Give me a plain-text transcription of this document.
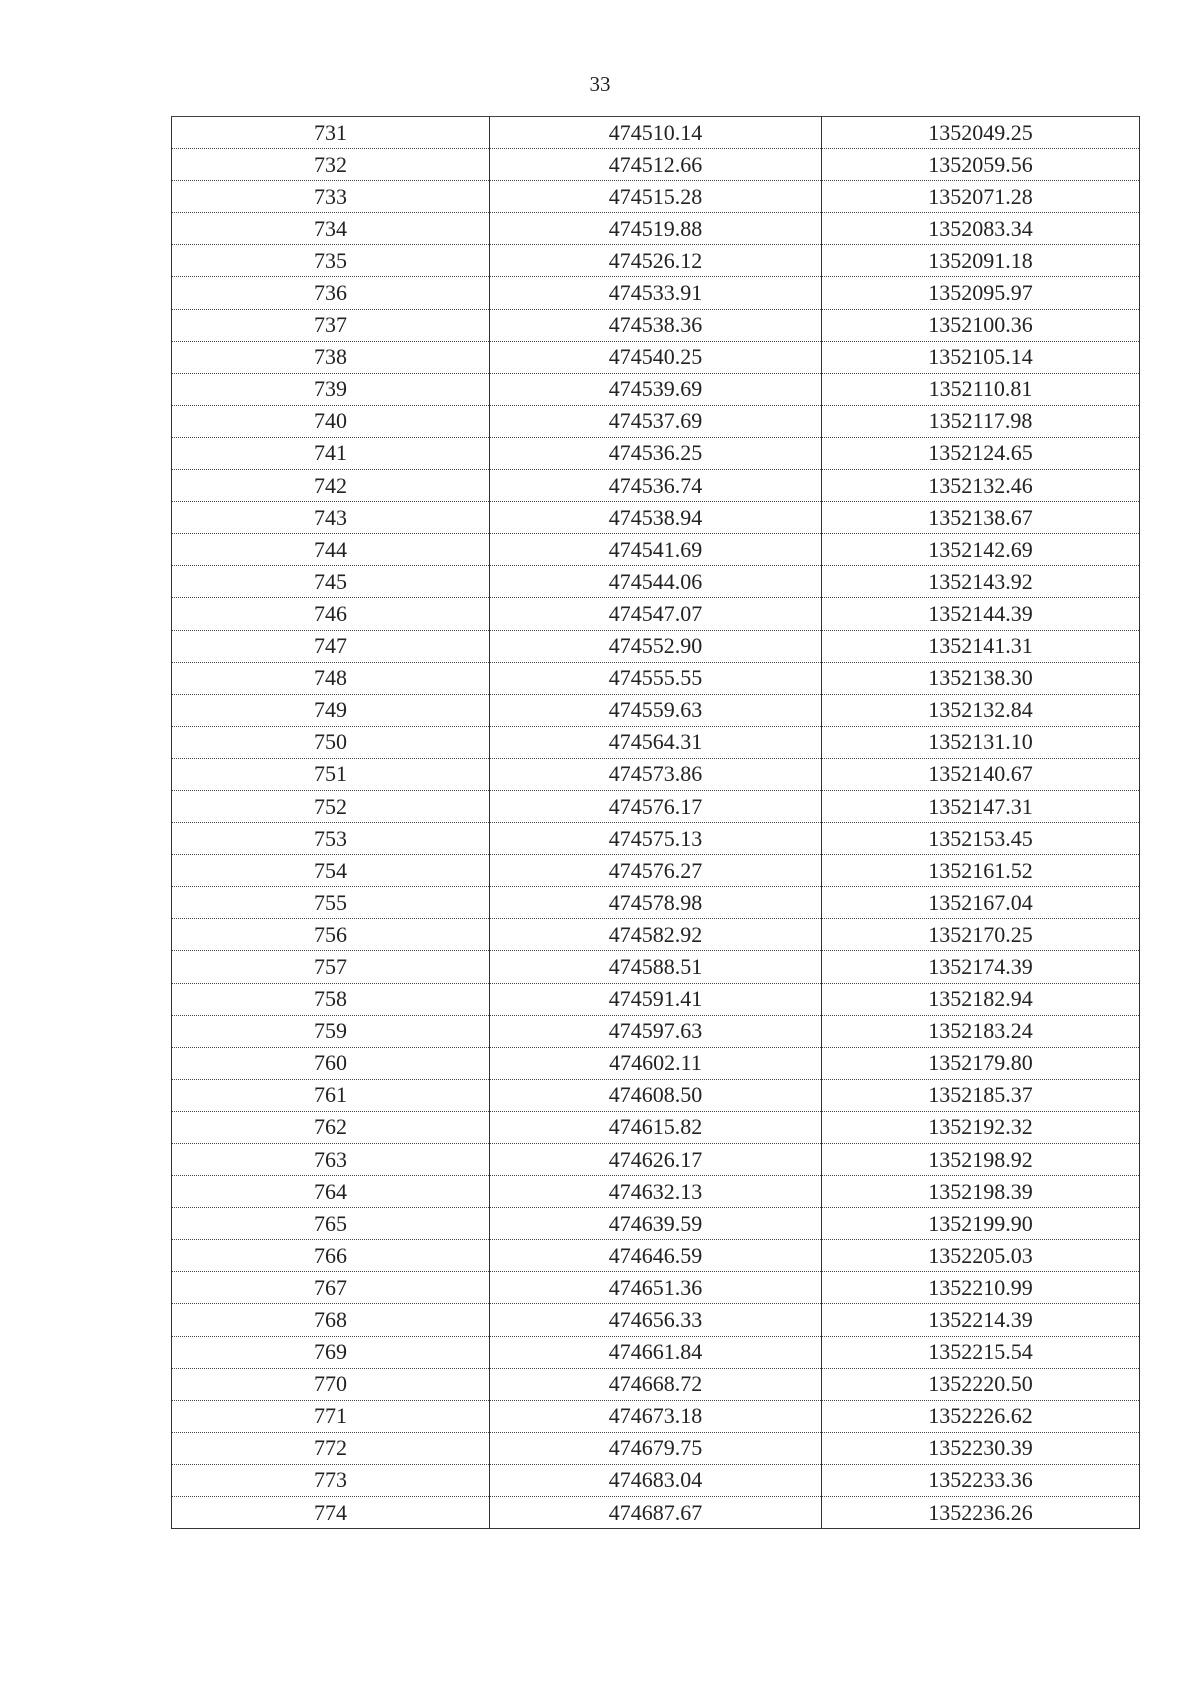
33
731	474510.14	1352049.25
732	474512.66	1352059.56
733	474515.28	1352071.28
734	474519.88	1352083.34
735	474526.12	1352091.18
736	474533.91	1352095.97
737	474538.36	1352100.36
738	474540.25	1352105.14
739	474539.69	1352110.81
740	474537.69	1352117.98
741	474536.25	1352124.65
742	474536.74	1352132.46
743	474538.94	1352138.67
744	474541.69	1352142.69
745	474544.06	1352143.92
746	474547.07	1352144.39
747	474552.90	1352141.31
748	474555.55	1352138.30
749	474559.63	1352132.84
750	474564.31	1352131.10
751	474573.86	1352140.67
752	474576.17	1352147.31
753	474575.13	1352153.45
754	474576.27	1352161.52
755	474578.98	1352167.04
756	474582.92	1352170.25
757	474588.51	1352174.39
758	474591.41	1352182.94
759	474597.63	1352183.24
760	474602.11	1352179.80
761	474608.50	1352185.37
762	474615.82	1352192.32
763	474626.17	1352198.92
764	474632.13	1352198.39
765	474639.59	1352199.90
766	474646.59	1352205.03
767	474651.36	1352210.99
768	474656.33	1352214.39
769	474661.84	1352215.54
770	474668.72	1352220.50
771	474673.18	1352226.62
772	474679.75	1352230.39
773	474683.04	1352233.36
774	474687.67	1352236.26
